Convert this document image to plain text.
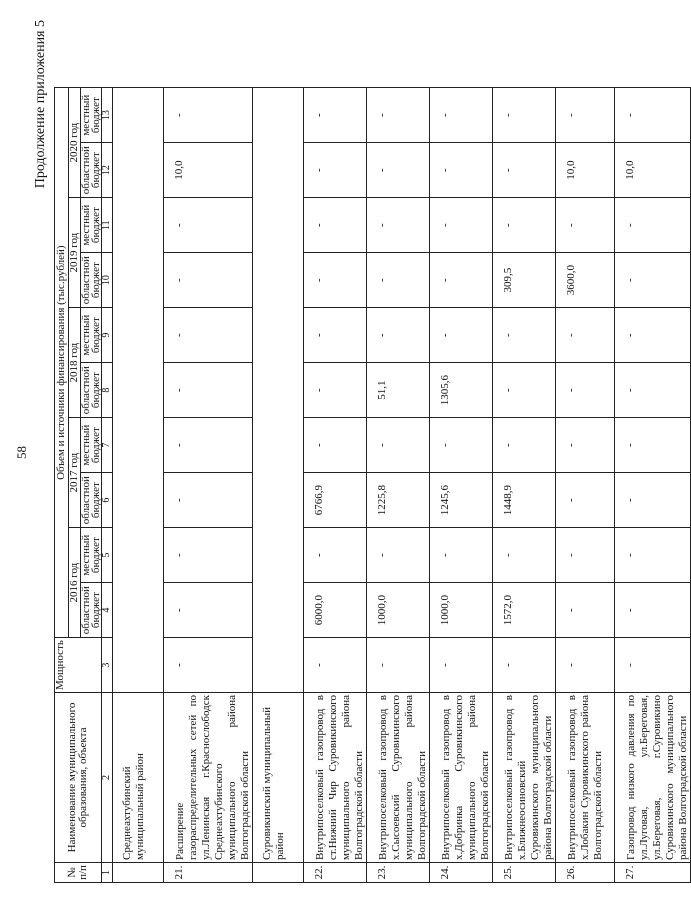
58
Продолжение приложения 5
№ п/п	Наименование муниципального образования, объекта	Мощность	Объем и источники финансирования (тыс.рублей)									
			2016 год		2017 год		2018 год		2019 год		2020 год	
			областной бюджет	местный бюджет	областной бюджет	местный бюджет	областной бюджет	местный бюджет	областной бюджет	местный бюджет	областной бюджет	местный бюджет
1	2	3	4	5	6	7	8	9	10	11	12	13
	Среднеахтубинский муниципальный район											
21.	Расширение газораспределительных сетей по ул.Ленинская г.Краснослободск Среднеахтубинского муниципального района Волгоградской области	-	-	-	-	-	-	-	-	-	10,0	-
	Суровикинский муниципальный район											
22.	Внутрипоселковый газопровод в ст.Нижний Чир Суровикинского муниципального района Волгоградской области	-	6000,0	-	6766,9	-	-	-	-	-	-	-
23.	Внутрипоселковый газопровод в х.Сысоевский Суровикинского муниципального района Волгоградской области	-	1000,0	-	1225,8	-	51,1	-	-	-	-	-
24.	Внутрипоселковый газопровод в х.Добринка Суровикинского муниципального района Волгоградской области	-	1000,0	-	1245,6	-	1305,6	-	-	-	-	-
25.	Внутрипоселковый газопровод в х.Ближнеосиновский Суровикинского муниципального района Волгоградской области	-	1572,0	-	1448,9	-	-	-	309,5	-	-	-
26.	Внутрипоселковый газопровод в х.Лобакин Суровикинского района Волгоградской области	-	-	-	-	-	-	-	3600,0	-	10,0	-
27.	Газопровод низкого давления по ул.Луговая, ул.Береговая, ул.Береговая, г.Суровикино Суровикинского муниципального района Волгоградской области	-	-	-	-	-	-	-	-	-	10,0	-
